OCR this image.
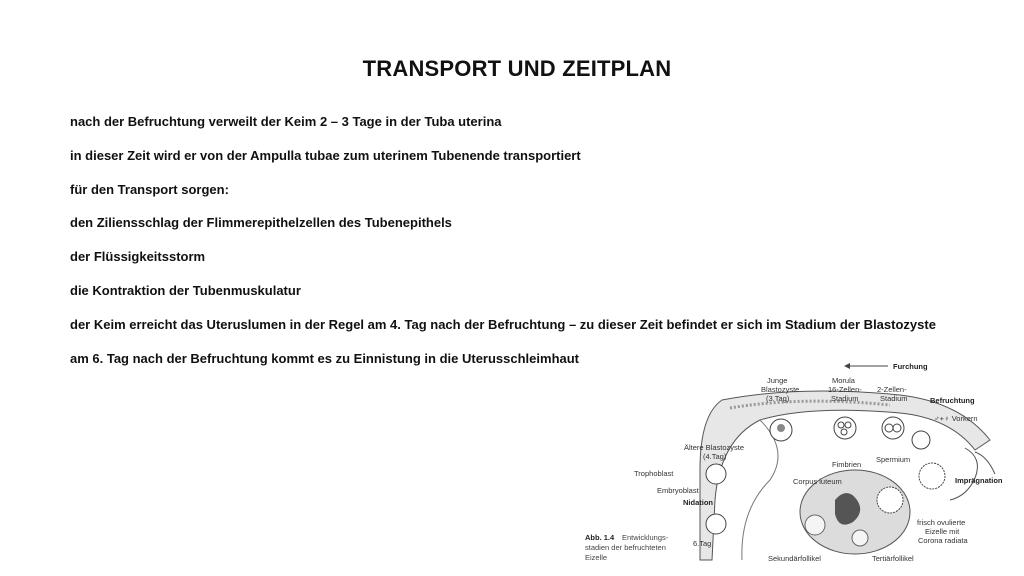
TRANSPORT UND ZEITPLAN
nach der Befruchtung verweilt der Keim 2 – 3 Tage in der Tuba uterina
in dieser Zeit wird er von der Ampulla tubae zum uterinem Tubenende transportiert
für den Transport sorgen:
den Ziliensschlag der Flimmerepithelzellen des Tubenepithels
der Flüssigkeitsstorm
die Kontraktion der Tubenmuskulatur
der Keim erreicht das Uteruslumen in der Regel am 4. Tag nach der Befruchtung – zu dieser Zeit befindet er sich im Stadium der Blastozyste
am 6. Tag nach der Befruchtung kommt es zu Einnistung in die Uterusschleimhaut
Furchung
Junge
Blastozyste
(3.Tag)
Morula
16-Zellen-
Stadium
2-Zellen-
Stadium	Befruchtung
♂+♀ Vorkern
Ältere Blastozyste
(4.Tag)
Fimbrien
Spermium
Trophoblast
Corpus luteum	Imprägnation
Embryoblast
Nidation
frisch ovulierte
Eizelle mit
Corona radiata
6.Tag
Sekundärfollikel	Tertiärfollikel
Abb. 1.4 Entwicklungs-
stadien der befruchteten
Eizelle
